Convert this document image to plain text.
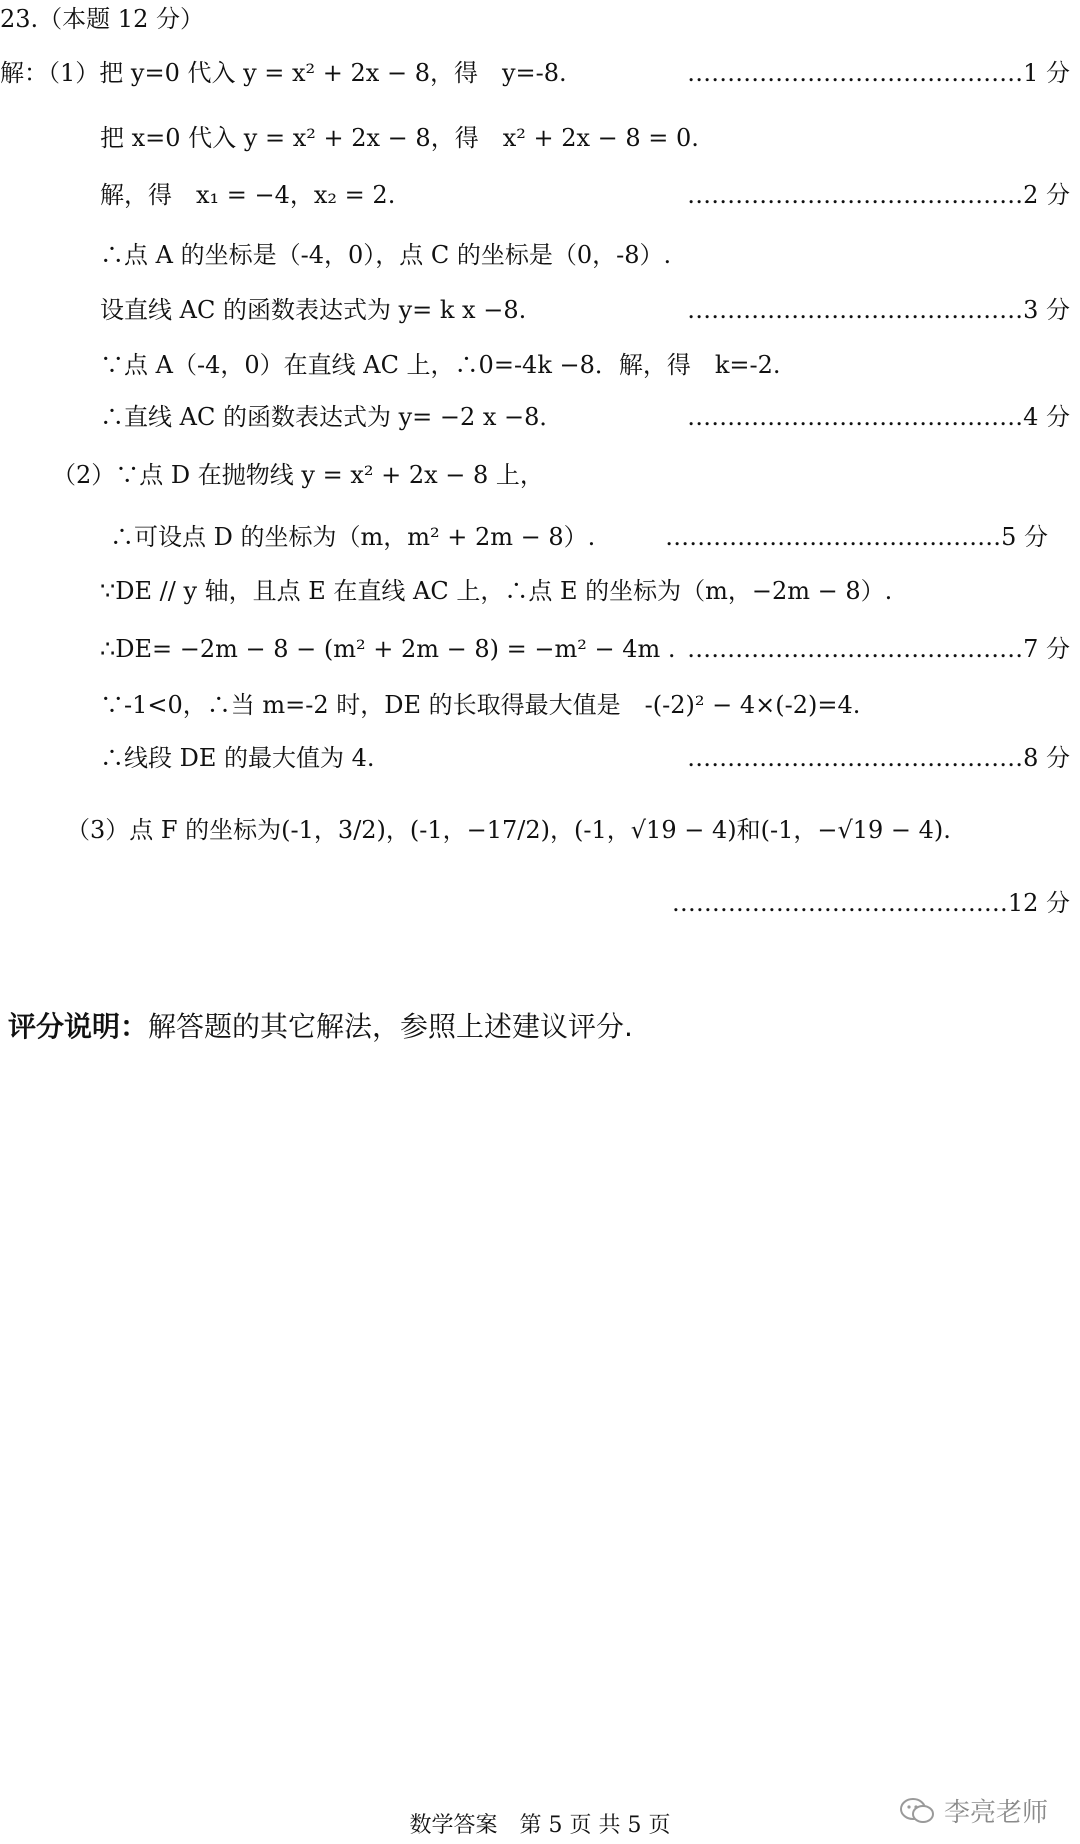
23.（本题 12 分）
解：（1）把 y=0 代入 y = x² + 2x − 8，得　y=-8.	……………………………………1 分
把 x=0 代入 y = x² + 2x − 8，得　x² + 2x − 8 = 0.
解，得　x₁ = −4，x₂ = 2.	……………………………………2 分
∴点 A 的坐标是（-4，0），点 C 的坐标是（0，-8）.
设直线 AC 的函数表达式为 y= k x −8.	……………………………………3 分
∵点 A（-4，0）在直线 AC 上，∴0=-4k −8．解，得　k=-2.
∴直线 AC 的函数表达式为 y= −2 x −8．	……………………………………4 分
（2）∵点 D 在抛物线 y = x² + 2x − 8 上，
∴可设点 D 的坐标为（m，m² + 2m − 8）.	……………………………………5 分
∵DE // y 轴，且点 E 在直线 AC 上，∴点 E 的坐标为（m，−2m − 8）.
∴DE= −2m − 8 − (m² + 2m − 8) = −m² − 4m . ……………………………………7 分
∵-1<0，∴当 m=-2 时，DE 的长取得最大值是　-(-2)² − 4×(-2)=4.
∴线段 DE 的最大值为 4.	……………………………………8 分
（3）点 F 的坐标为(-1，3/2)，(-1，−17/2)，(-1，√19 − 4)和(-1，−√19 − 4).
……………………………………12 分
评分说明：解答题的其它解法，参照上述建议评分.
李亮老师
数学答案　第 5 页 共 5 页
